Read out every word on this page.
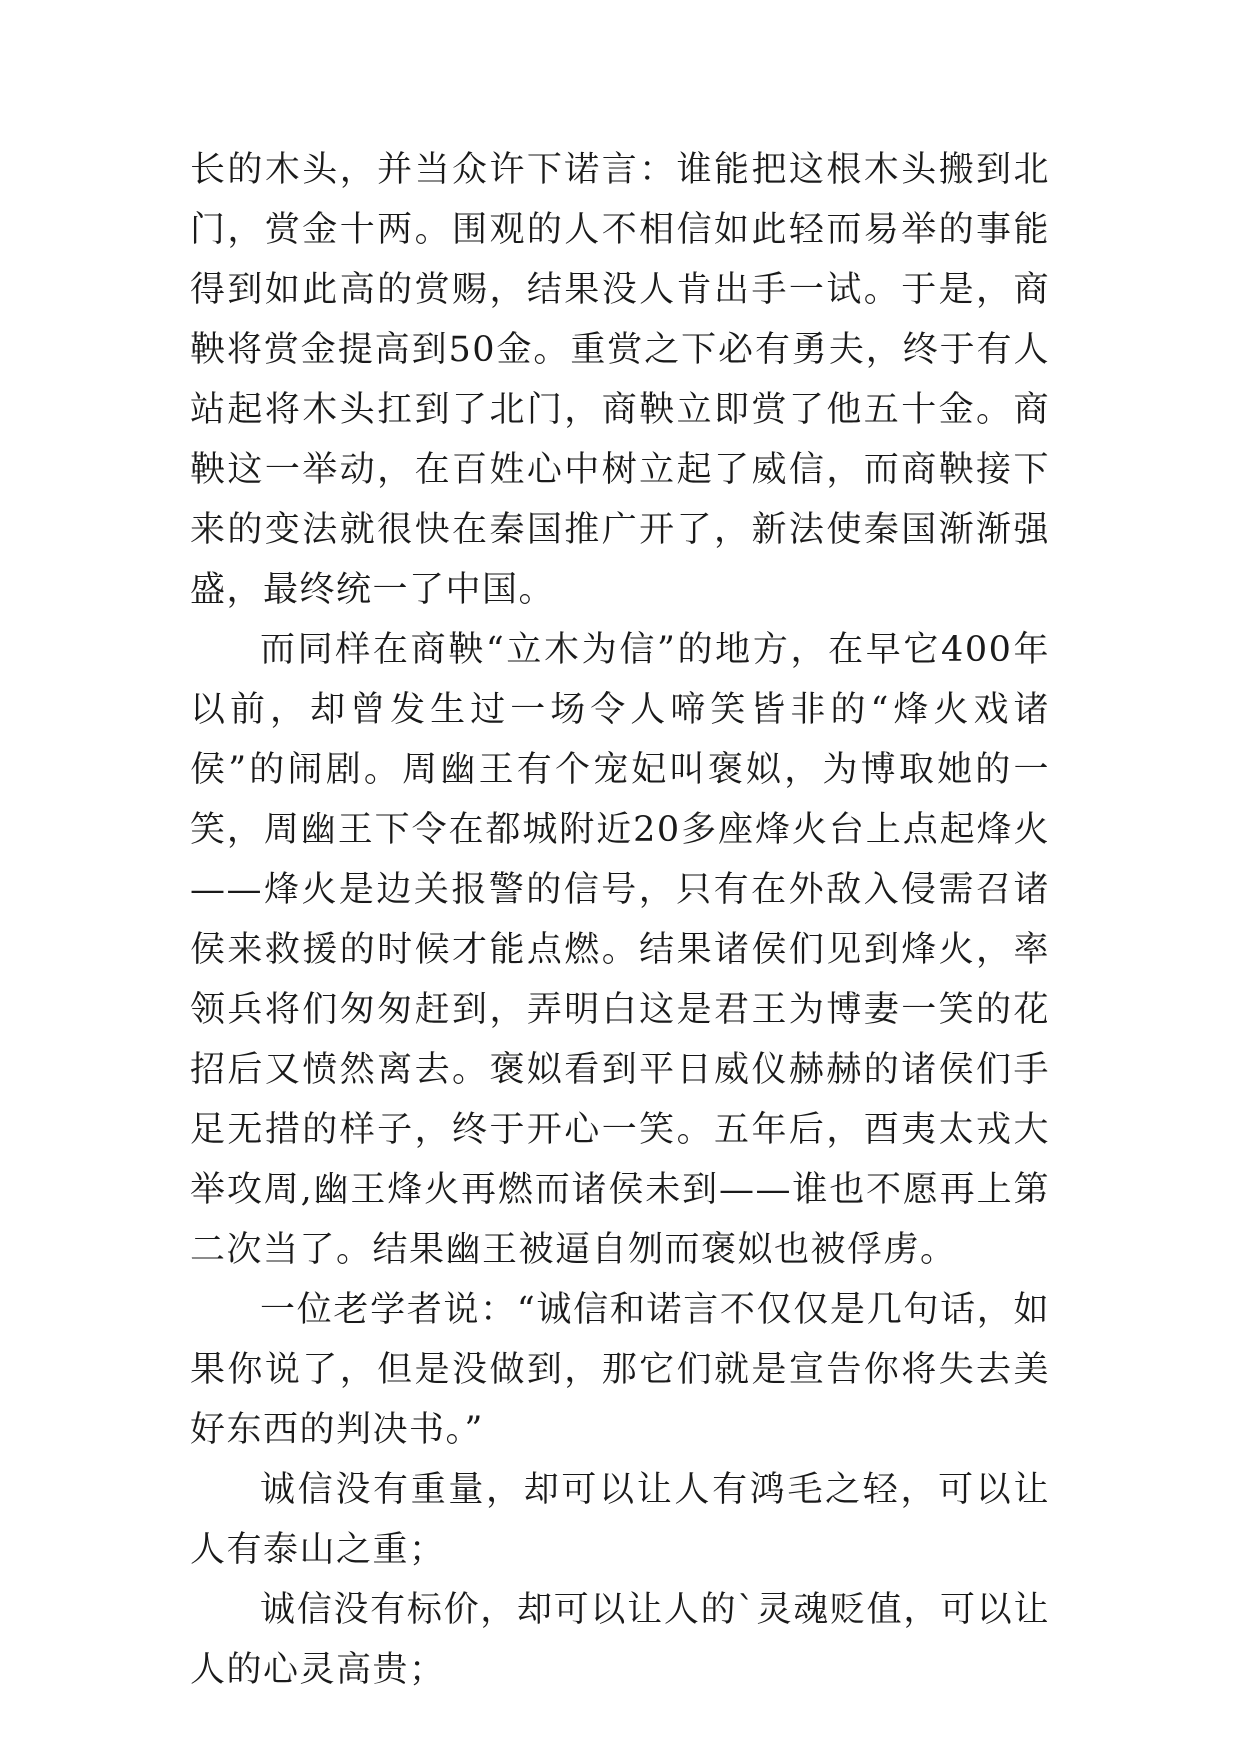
长的木头，并当众许下诺言：谁能把这根木头搬到北门，赏金十两。围观的人不相信如此轻而易举的事能得到如此高的赏赐，结果没人肯出手一试。于是，商鞅将赏金提高到50金。重赏之下必有勇夫，终于有人站起将木头扛到了北门，商鞅立即赏了他五十金。商鞅这一举动，在百姓心中树立起了威信，而商鞅接下来的变法就很快在秦国推广开了，新法使秦国渐渐强盛，最终统一了中国。

而同样在商鞅“立木为信”的地方，在早它400年以前，却曾发生过一场令人啼笑皆非的“烽火戏诸侯”的闹剧。周幽王有个宠妃叫褒姒，为博取她的一笑，周幽王下令在都城附近20多座烽火台上点起烽火——烽火是边关报警的信号，只有在外敌入侵需召诸侯来救援的时候才能点燃。结果诸侯们见到烽火，率领兵将们匆匆赶到，弄明白这是君王为博妻一笑的花招后又愤然离去。褒姒看到平日威仪赫赫的诸侯们手足无措的样子，终于开心一笑。五年后，酉夷太戎大举攻周,幽王烽火再燃而诸侯未到——谁也不愿再上第二次当了。结果幽王被逼自刎而褒姒也被俘虏。

一位老学者说：“诚信和诺言不仅仅是几句话，如果你说了，但是没做到，那它们就是宣告你将失去美好东西的判决书。”

诚信没有重量，却可以让人有鸿毛之轻，可以让人有泰山之重；

诚信没有标价，却可以让人的`灵魂贬值，可以让人的心灵高贵；
